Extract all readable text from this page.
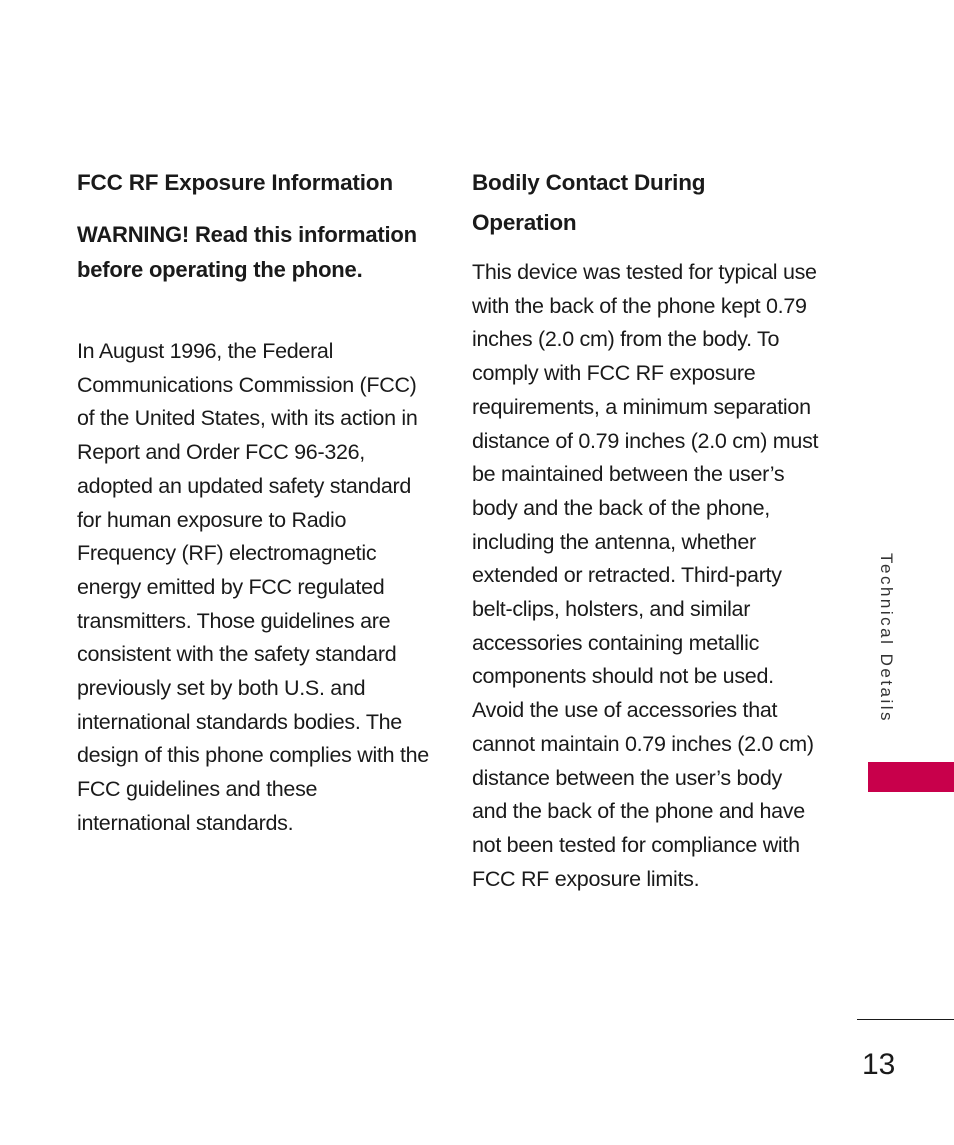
FCC RF Exposure Information

WARNING! Read this information before operating the phone.

In August 1996, the Federal Communications Commission (FCC) of the United States, with its action in Report and Order FCC 96-326, adopted an updated safety standard for human exposure to Radio Frequency (RF) electromagnetic energy emitted by FCC regulated transmitters. Those guidelines are consistent with the safety standard previously set by both U.S. and international standards bodies. The design of this phone complies with the FCC guidelines and these international standards.

Bodily Contact During Operation

This device was tested for typical use with the back of the phone kept 0.79 inches (2.0 cm) from the body. To comply with FCC RF exposure requirements, a minimum separation distance of 0.79 inches (2.0 cm) must be maintained between the user’s body and the back of the phone, including the antenna, whether extended or retracted. Third-party belt-clips, holsters, and similar accessories containing metallic components should not be used. Avoid the use of accessories that cannot maintain 0.79 inches (2.0 cm) distance between the user’s body and the back of the phone and have not been tested for compliance with FCC RF exposure limits.

Technical Details
13
